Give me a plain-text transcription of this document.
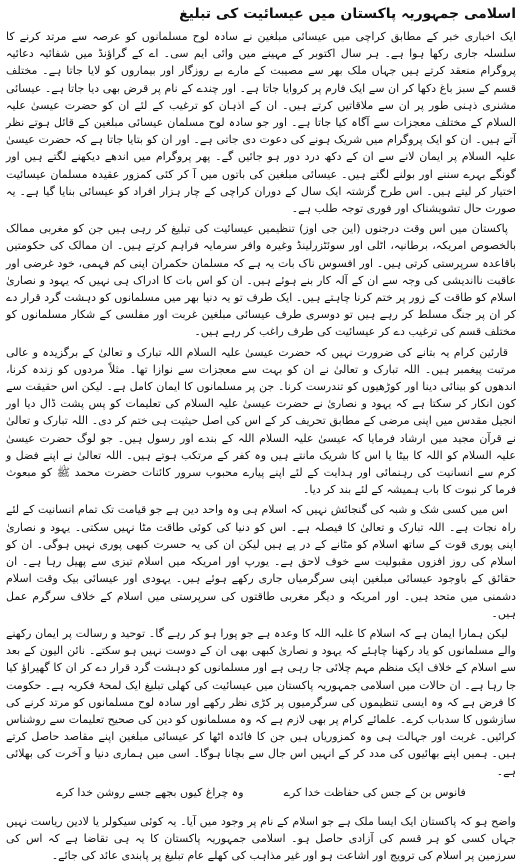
اسلامی جمہوریہ پاکستان میں عیسائیت کی تبلیغ

ایک اخباری خبر کے مطابق کراچی میں عیسائی مبلغین نے سادہ لوح مسلمانوں کو عرصہ سے مرتد کرنے کا سلسلہ جاری رکھا ہوا ہے۔ ہر سال اکتوبر کے مہینے میں وائی ایم سی۔ اے کے گراؤنڈ میں شفائیہ دعائیہ پروگرام منعقد کرتے ہیں جہاں ملک بھر سے مصیبت کے مارے بے روزگار اور بیماروں کو لایا جاتا ہے۔ مختلف قسم کے سبز باغ دکھا کر ان سے ایک فارم پر کروایا جاتا ہے۔ اور چندے کے نام پر قرض بھی دیا جاتا ہے۔ عیسائی مشنری ذہنی طور پر ان سے ملاقاتیں کرتے ہیں۔ ان کے اذہان کو ترغیب کے لئے ان کو حضرت عیسیٰ علیہ السلام کے مختلف معجزات سے آگاہ کیا جاتا ہے۔ اور جو سادہ لوح مسلمان عیسائی مبلغین کے قائل ہوتے نظر آتے ہیں۔ ان کو ایک پروگرام میں شریک ہونے کی دعوت دی جاتی ہے۔ اور ان کو بتایا جاتا ہے کہ حضرت عیسیٰ علیہ السلام پر ایمان لانے سے ان کے دکھ درد دور ہو جائیں گے۔ پھر پروگرام میں اندھے دیکھنے لگتے ہیں اور گونگے بہرے سننے اور بولنے لگتے ہیں۔ عیسائی مبلغین کی باتوں میں آ کر کئی کمزور عقیدہ مسلمان عیسائیت اختیار کر لیتے ہیں۔ اس طرح گزشتہ ایک سال کے دوران کراچی کے چار ہزار افراد کو عیسائی بنایا گیا ہے۔ یہ صورت حال تشویشناک اور فوری توجہ طلب ہے۔

پاکستان میں اس وقت درجنوں (این جی اوز) تنظیمیں عیسائیت کی تبلیغ کر رہی ہیں جن کو مغربی ممالک بالخصوص امریکہ، برطانیہ، اٹلی اور سوئٹزرلینڈ وغیرہ وافر سرمایہ فراہم کرتے ہیں۔ ان ممالک کی حکومتیں باقاعدہ سرپرستی کرتی ہیں۔ اور افسوس ناک بات یہ ہے کہ مسلمان حکمران اپنی کم فہمی، خود غرضی اور عاقبت نااندیشی کی وجہ سے ان کے آلہ کار بنے ہوئے ہیں۔ ان کو اس بات کا ادراک ہی نہیں کہ یہود و نصاریٰ اسلام کو طاقت کے زور پر ختم کرنا چاہتے ہیں۔ ایک طرف تو یہ دنیا بھر میں مسلمانوں کو دہشت گرد قرار دے کر ان پر جنگ مسلط کر رہے ہیں تو دوسری طرف عیسائی مبلغین غربت اور مفلسی کے شکار مسلمانوں کو مختلف قسم کی ترغیب دے کر عیسائیت کی طرف راغب کر رہے ہیں۔

قارئین کرام یہ بتانے کی ضرورت نہیں کہ حضرت عیسیٰ علیہ السلام اللہ تبارک و تعالیٰ کے برگزیدہ و عالی مرتبت پیغمبر ہیں۔ اللہ تبارک و تعالیٰ نے ان کو بہت سے معجزات سے نوازا تھا۔ مثلاً مردوں کو زندہ کرنا، اندھوں کو بینائی دینا اور کوڑھیوں کو تندرست کرنا۔ جن پر مسلمانوں کا ایمان کامل ہے۔ لیکن اس حقیقت سے کون انکار کر سکتا ہے کہ یہود و نصاریٰ نے حضرت عیسیٰ علیہ السلام کی تعلیمات کو پس پشت ڈال دیا اور انجیل مقدس میں اپنی مرضی کے مطابق تحریف کر کے اس کی اصل حیثیت ہی ختم کر دی۔ اللہ تبارک و تعالیٰ نے قرآن مجید میں ارشاد فرمایا کہ عیسیٰ علیہ السلام اللہ کے بندے اور رسول ہیں۔ جو لوگ حضرت عیسیٰ علیہ السلام کو اللہ کا بیٹا یا اس کا شریک مانتے ہیں وہ کفر کے مرتکب ہوتے ہیں۔ اللہ تعالیٰ نے اپنے فضل و کرم سے انسانیت کی رہنمائی اور ہدایت کے لئے اپنے پیارے محبوب سرور کائنات حضرت محمد ﷺ کو مبعوث فرما کر نبوت کا باب ہمیشہ کے لئے بند کر دیا۔

اس میں کسی شک و شبہ کی گنجائش نہیں کہ اسلام ہی وہ واحد دین ہے جو قیامت تک تمام انسانیت کے لئے راہ نجات ہے۔ اللہ تبارک و تعالیٰ کا فیصلہ ہے۔ اس کو دنیا کی کوئی طاقت مٹا نہیں سکتی۔ یہود و نصاریٰ اپنی پوری قوت کے ساتھ اسلام کو مٹانے کے در پے ہیں لیکن ان کی یہ حسرت کبھی پوری نہیں ہوگی۔ ان کو اسلام کی روز افزوں مقبولیت سے خوف لاحق ہے۔ یورپ اور امریکہ میں اسلام تیزی سے پھیل رہا ہے۔ ان حقائق کے باوجود عیسائی مبلغین اپنی سرگرمیاں جاری رکھے ہوئے ہیں۔ یہودی اور عیسائی بیک وقت اسلام دشمنی میں متحد ہیں۔ اور امریکہ و دیگر مغربی طاقتوں کی سرپرستی میں اسلام کے خلاف سرگرم عمل ہیں۔

لیکن ہمارا ایمان ہے کہ اسلام کا غلبہ اللہ کا وعدہ ہے جو پورا ہو کر رہے گا۔ توحید و رسالت پر ایمان رکھنے والے مسلمانوں کو یاد رکھنا چاہئے کہ یہود و نصاریٰ کبھی بھی ان کے دوست نہیں ہو سکتے۔ نائن الیون کے بعد سے اسلام کے خلاف ایک منظم مہم چلائی جا رہی ہے اور مسلمانوں کو دہشت گرد قرار دے کر ان کا گھیراؤ کیا جا رہا ہے۔ ان حالات میں اسلامی جمہوریہ پاکستان میں عیسائیت کی کھلی تبلیغ ایک لمحۂ فکریہ ہے۔ حکومت کا فرض ہے کہ وہ ایسی تنظیموں کی سرگرمیوں پر کڑی نظر رکھے اور سادہ لوح مسلمانوں کو مرتد کرنے کی سازشوں کا سدباب کرے۔ علمائے کرام پر بھی لازم ہے کہ وہ مسلمانوں کو دین کی صحیح تعلیمات سے روشناس کرائیں۔ غربت اور جہالت ہی وہ کمزوریاں ہیں جن کا فائدہ اٹھا کر عیسائی مبلغین اپنے مقاصد حاصل کرتے ہیں۔ ہمیں اپنے بھائیوں کی مدد کر کے انہیں اس جال سے بچانا ہوگا۔ اسی میں ہماری دنیا و آخرت کی بھلائی ہے۔

فانوس بن کے جس کی حفاظت خدا کرے
وہ چراغ کیوں بجھے جسے روشن خدا کرے

واضح ہو کہ پاکستان ایک ایسا ملک ہے جو اسلام کے نام پر وجود میں آیا۔ یہ کوئی سیکولر یا لادین ریاست نہیں جہاں کسی کو ہر قسم کی آزادی حاصل ہو۔ اسلامی جمہوریہ پاکستان کا یہ ہی تقاضا ہے کہ اس کی سرزمین پر اسلام کی ترویج اور اشاعت ہو اور غیر مذاہب کی کھلے عام تبلیغ پر پابندی عائد کی جائے۔
